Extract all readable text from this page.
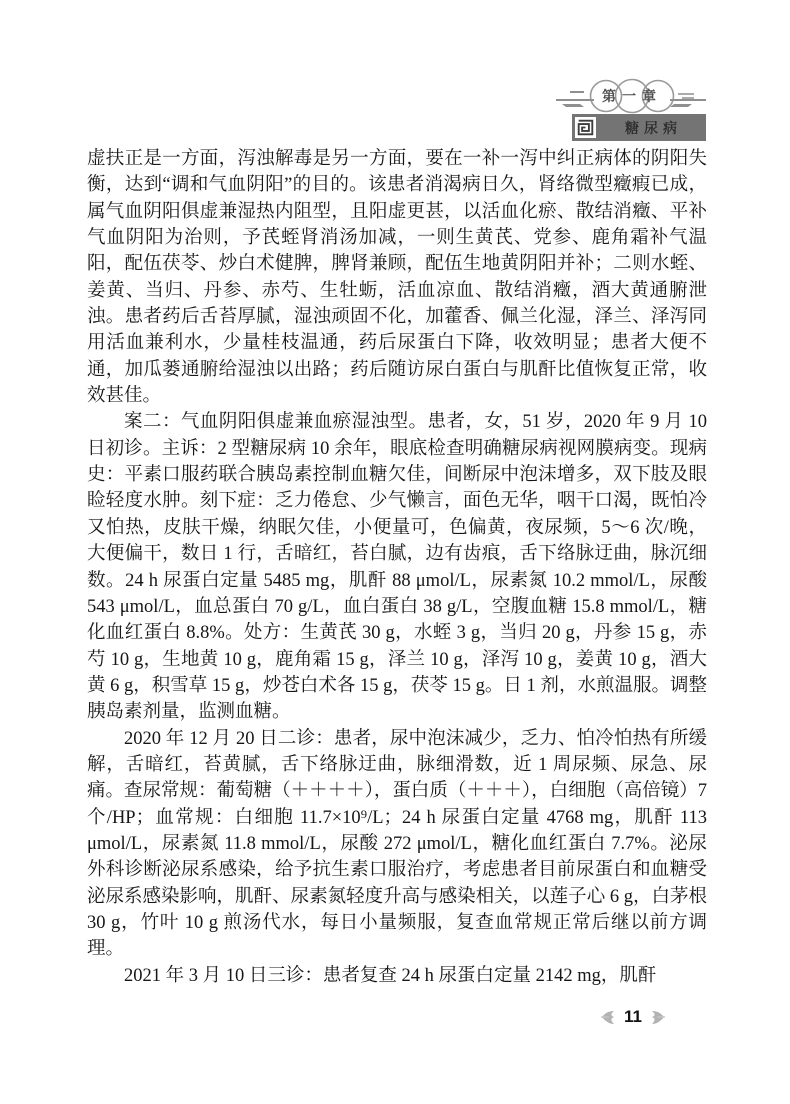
第一章
糖尿病

虚扶正是一方面，泻浊解毒是另一方面，要在一补一泻中纠正病体的阴阳失衡，达到“调和气血阴阳”的目的。该患者消渴病日久，肾络微型癥瘕已成，属气血阴阳俱虚兼湿热内阻型，且阳虚更甚，以活血化瘀、散结消癥、平补气血阴阳为治则，予芪蛭肾消汤加减，一则生黄芪、党参、鹿角霜补气温阳，配伍茯苓、炒白术健脾，脾肾兼顾，配伍生地黄阴阳并补；二则水蛭、姜黄、当归、丹参、赤芍、生牡蛎，活血凉血、散结消癥，酒大黄通腑泄浊。患者药后舌苔厚腻，湿浊顽固不化，加藿香、佩兰化湿，泽兰、泽泻同用活血兼利水，少量桂枝温通，药后尿蛋白下降，收效明显；患者大便不通，加瓜蒌通腑给湿浊以出路；药后随访尿白蛋白与肌酐比值恢复正常，收效甚佳。

案二：气血阴阳俱虚兼血瘀湿浊型。患者，女，51 岁，2020 年 9 月 10 日初诊。主诉：2 型糖尿病 10 余年，眼底检查明确糖尿病视网膜病变。现病史：平素口服药联合胰岛素控制血糖欠佳，间断尿中泡沫增多，双下肢及眼睑轻度水肿。刻下症：乏力倦怠、少气懒言，面色无华，咽干口渴，既怕冷又怕热，皮肤干燥，纳眠欠佳，小便量可，色偏黄，夜尿频，5～6 次/晚，大便偏干，数日 1 行，舌暗红，苔白腻，边有齿痕，舌下络脉迂曲，脉沉细数。24 h 尿蛋白定量 5485 mg，肌酐 88 μmol/L，尿素氮 10.2 mmol/L，尿酸 543 μmol/L，血总蛋白 70 g/L，血白蛋白 38 g/L，空腹血糖 15.8 mmol/L，糖化血红蛋白 8.8%。处方：生黄芪 30 g，水蛭 3 g，当归 20 g，丹参 15 g，赤芍 10 g，生地黄 10 g，鹿角霜 15 g，泽兰 10 g，泽泻 10 g，姜黄 10 g，酒大黄 6 g，积雪草 15 g，炒苍白术各 15 g，茯苓 15 g。日 1 剂，水煎温服。调整胰岛素剂量，监测血糖。

2020 年 12 月 20 日二诊：患者，尿中泡沫减少，乏力、怕冷怕热有所缓解，舌暗红，苔黄腻，舌下络脉迂曲，脉细滑数，近 1 周尿频、尿急、尿痛。查尿常规：葡萄糖（＋＋＋＋），蛋白质（＋＋＋），白细胞（高倍镜）7 个/HP；血常规：白细胞 11.7×10⁹/L；24 h 尿蛋白定量 4768 mg，肌酐 113 μmol/L，尿素氮 11.8 mmol/L，尿酸 272 μmol/L，糖化血红蛋白 7.7%。泌尿外科诊断泌尿系感染，给予抗生素口服治疗，考虑患者目前尿蛋白和血糖受泌尿系感染影响，肌酐、尿素氮轻度升高与感染相关，以莲子心 6 g，白茅根 30 g，竹叶 10 g 煎汤代水，每日小量频服，复查血常规正常后继以前方调理。

2021 年 3 月 10 日三诊：患者复查 24 h 尿蛋白定量 2142 mg，肌酐

11
